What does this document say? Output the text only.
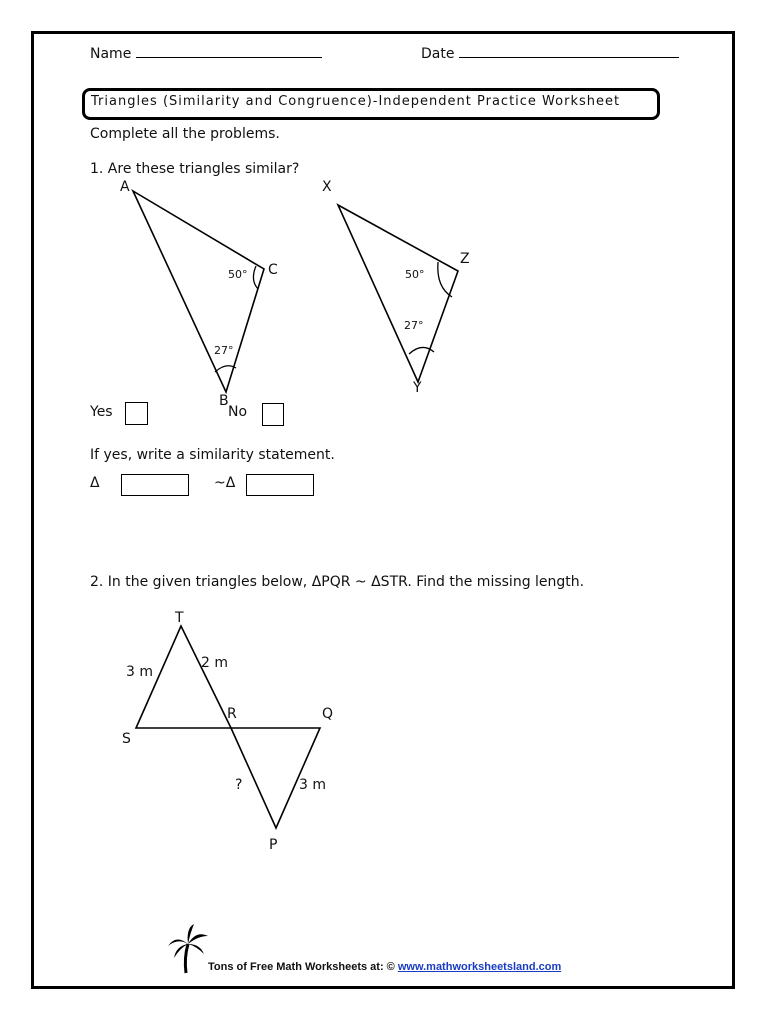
Name	Date
Triangles (Similarity and Congruence)-Independent Practice Worksheet
Complete all the problems.
1. Are these triangles similar?
A
C
B
50°
27°
X
Z
Y
50°
27°
Yes	No
If yes, write a similarity statement.
Δ	~Δ
2. In the given triangles below, ΔPQR ~ ΔSTR. Find the missing length.
T
S
R	Q
P
3 m
2 m
?	3 m
Tons of Free Math Worksheets at: © www.mathworksheetsland.com
